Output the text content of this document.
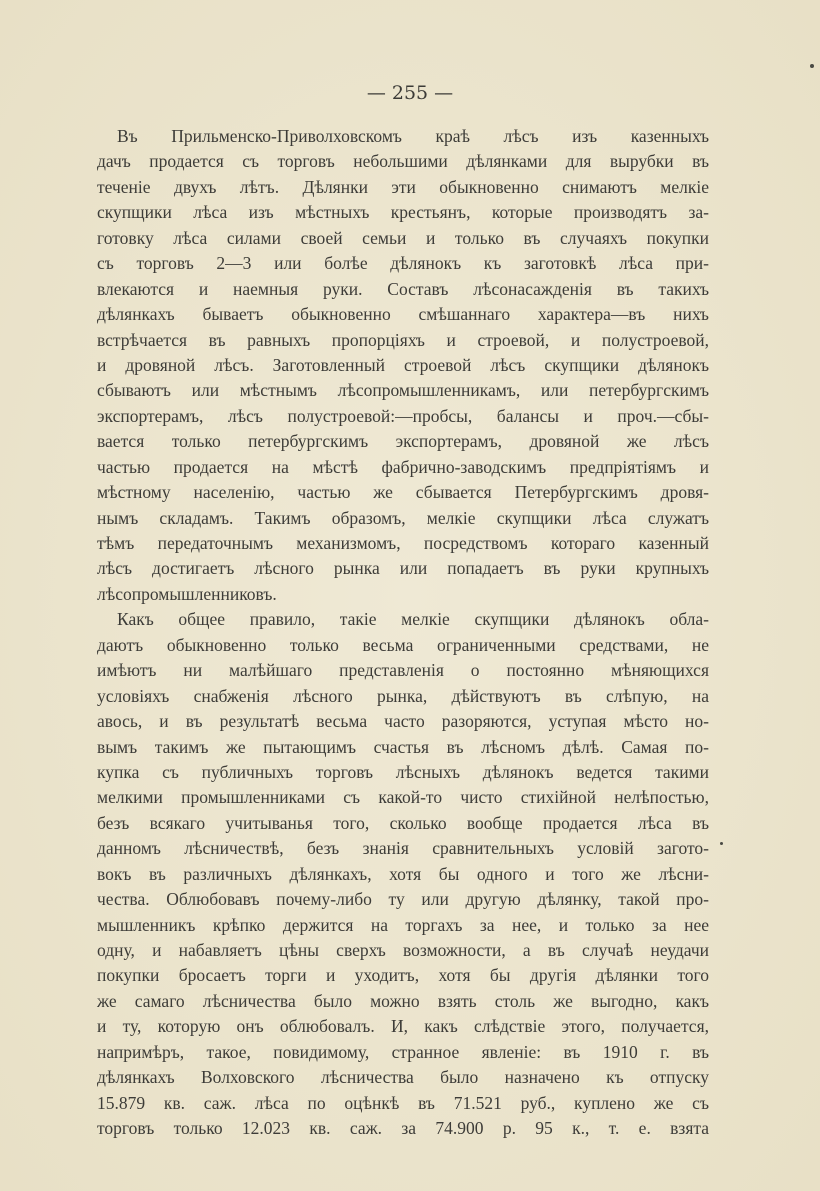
— 255 —
Въ Прильменско-Приволховскомъ краѣ лѣсъ изъ казенныхъ
дачъ продается съ торговъ небольшими дѣлянками для вырубки въ
теченіе двухъ лѣтъ. Дѣлянки эти обыкновенно снимаютъ мелкіе
скупщики лѣса изъ мѣстныхъ крестьянъ, которые производятъ за-
готовку лѣса силами своей семьи и только въ случаяхъ покупки
съ торговъ 2—3 или болѣе дѣлянокъ къ заготовкѣ лѣса при-
влекаются и наемныя руки. Составъ лѣсонасажденія въ такихъ
дѣлянкахъ бываетъ обыкновенно смѣшаннаго характера—въ нихъ
встрѣчается въ равныхъ пропорціяхъ и строевой, и полустроевой,
и дровяной лѣсъ. Заготовленный строевой лѣсъ скупщики дѣлянокъ
сбываютъ или мѣстнымъ лѣсопромышленникамъ, или петербургскимъ
экспортерамъ, лѣсъ полустроевой:—пробсы, балансы и проч.—сбы-
вается только петербургскимъ экспортерамъ, дровяной же лѣсъ
частью продается на мѣстѣ фабрично-заводскимъ предпріятіямъ и
мѣстному населенію, частью же сбывается Петербургскимъ дровя-
нымъ складамъ. Такимъ образомъ, мелкіе скупщики лѣса служатъ
тѣмъ передаточнымъ механизмомъ, посредствомъ котораго казенный
лѣсъ достигаетъ лѣсного рынка или попадаетъ въ руки крупныхъ
лѣсопромышленниковъ.
Какъ общее правило, такіе мелкіе скупщики дѣлянокъ обла-
даютъ обыкновенно только весьма ограниченными средствами, не
имѣютъ ни малѣйшаго представленія о постоянно мѣняющихся
условіяхъ снабженія лѣсного рынка, дѣйствуютъ въ слѣпую, на
авось, и въ результатѣ весьма часто разоряются, уступая мѣсто но-
вымъ такимъ же пытающимъ счастья въ лѣсномъ дѣлѣ. Самая по-
купка съ публичныхъ торговъ лѣсныхъ дѣлянокъ ведется такими
мелкими промышленниками съ какой-то чисто стихійной нелѣпостью,
безъ всякаго учитыванья того, сколько вообще продается лѣса въ
данномъ лѣсничествѣ, безъ знанія сравнительныхъ условій загото-
вокъ въ различныхъ дѣлянкахъ, хотя бы одного и того же лѣсни-
чества. Облюбовавъ почему-либо ту или другую дѣлянку, такой про-
мышленникъ крѣпко держится на торгахъ за нее, и только за нее
одну, и набавляетъ цѣны сверхъ возможности, а въ случаѣ неудачи
покупки бросаетъ торги и уходитъ, хотя бы другія дѣлянки того
же самаго лѣсничества было можно взять столь же выгодно, какъ
и ту, которую онъ облюбовалъ. И, какъ слѣдствіе этого, получается,
напримѣръ, такое, повидимому, странное явленіе: въ 1910 г. въ
дѣлянкахъ Волховского лѣсничества было назначено къ отпуску
15.879 кв. саж. лѣса по оцѣнкѣ въ 71.521 руб., куплено же съ
торговъ только 12.023 кв. саж. за 74.900 р. 95 к., т. е. взята
